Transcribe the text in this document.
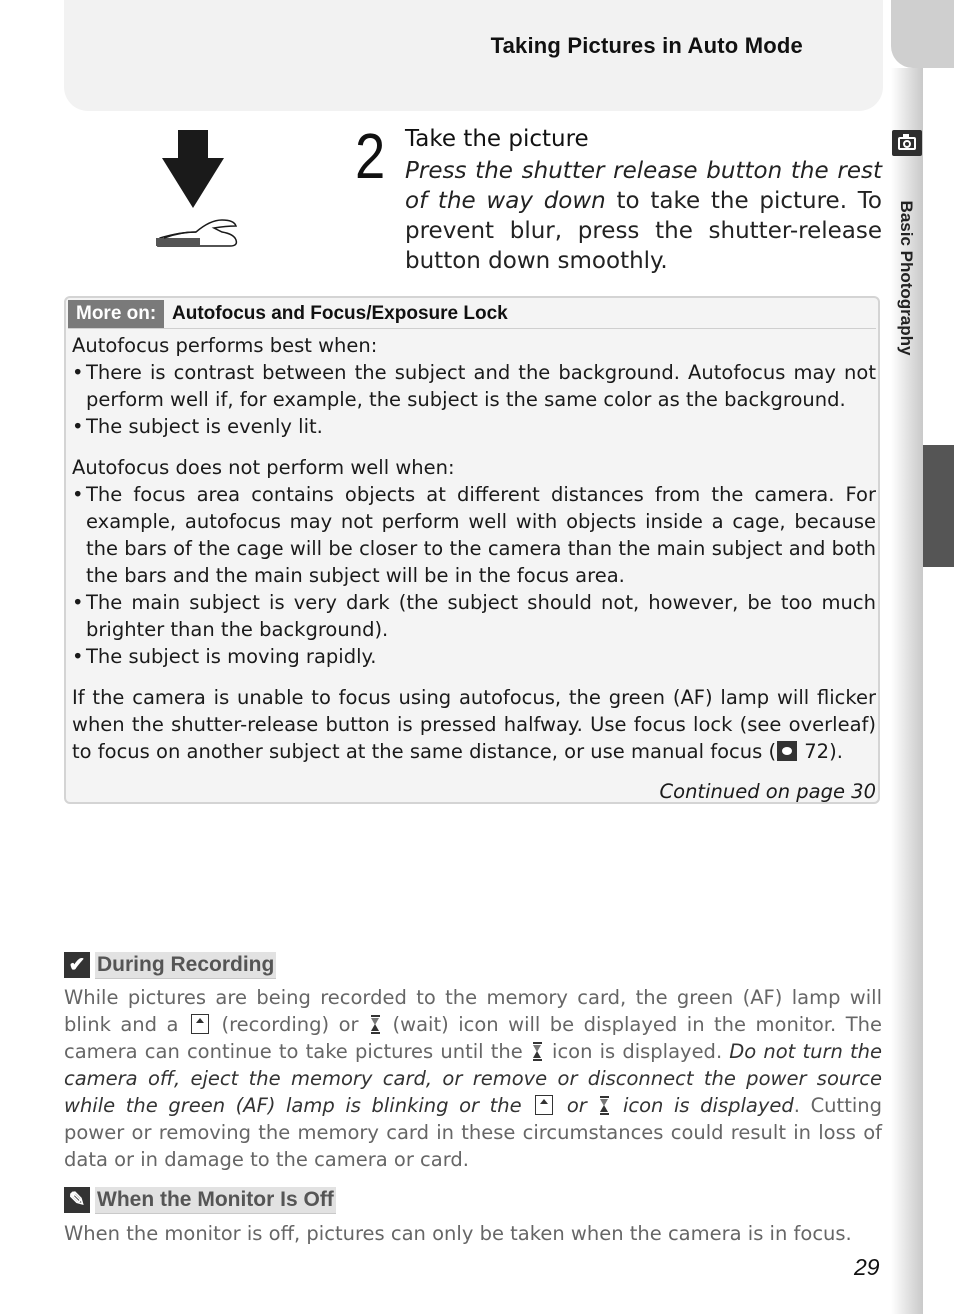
Taking Pictures in Auto Mode
Basic Photography
2 Take the picture

Press the shutter release button the rest of the way down to take the picture. To prevent blur, press the shutter-release button down smoothly.

More on: Autofocus and Focus/Exposure Lock

Autofocus performs best when:

• There is contrast between the subject and the background. Autofocus may not perform well if, for example, the subject is the same color as the background.
• The subject is evenly lit.

Autofocus does not perform well when:

• The focus area contains objects at different distances from the camera. For example, autofocus may not perform well with objects inside a cage, because the bars of the cage will be closer to the camera than the main subject and both the bars and the main subject will be in the focus area.
• The main subject is very dark (the subject should not, however, be too much brighter than the background).
• The subject is moving rapidly.

If the camera is unable to focus using autofocus, the green (AF) lamp will flicker when the shutter-release button is pressed halfway. Use focus lock (see overleaf) to focus on another subject at the same distance, or use manual focus ( 72).

Continued on page 30

✔ During Recording

While pictures are being recorded to the memory card, the green (AF) lamp will blink and a  (recording) or  (wait) icon will be displayed in the monitor. The camera can continue to take pictures until the  icon is displayed. Do not turn the camera off, eject the memory card, or remove or disconnect the power source while the green (AF) lamp is blinking or the  or  icon is displayed. Cutting power or removing the memory card in these circumstances could result in loss of data or in damage to the camera or card.

✎ When the Monitor Is Off

When the monitor is off, pictures can only be taken when the camera is in focus.

29
